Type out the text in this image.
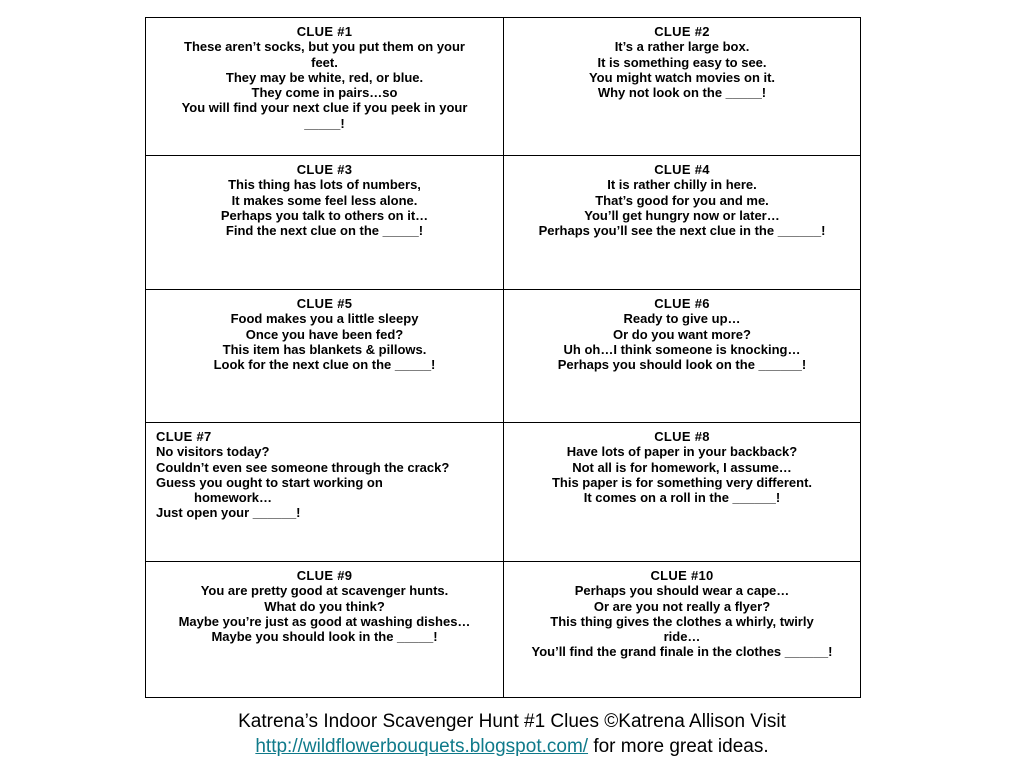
CLUE #1
These aren’t socks, but you put them on your
feet.
They may be white, red, or blue.
They come in pairs…so
You will find your next clue if you peek in your
_____!
CLUE #2
It’s a rather large box.
It is something easy to see.
You might watch movies on it.
Why not look on the _____!
CLUE #3
This thing has lots of numbers,
It makes some feel less alone.
Perhaps you talk to others on it…
Find the next clue on the _____!
CLUE #4
It is rather chilly in here.
That’s good for you and me.
You’ll get hungry now or later…
Perhaps you’ll see the next clue in the ______!
CLUE #5
Food makes you a little sleepy
Once you have been fed?
This item has blankets & pillows.
Look for the next clue on the _____!
CLUE #6
Ready to give up…
Or do you want more?
Uh oh…I think someone is knocking…
Perhaps you should look on the ______!
CLUE #7
No visitors today?
Couldn’t even see someone through the crack?
Guess you ought to start working on
homework…
Just open your ______!
CLUE #8
Have lots of paper in your backback?
Not all is for homework, I assume…
This paper is for something very different.
It comes on a roll in the ______!
CLUE #9
You are pretty good at scavenger hunts.
What do you think?
Maybe you’re just as good at washing dishes…
Maybe you should look in the _____!
CLUE #10
Perhaps you should wear a cape…
Or are you not really a flyer?
This thing gives the clothes a whirly, twirly
ride…
You’ll find the grand finale in the clothes ______!
Katrena’s Indoor Scavenger Hunt #1 Clues ©Katrena Allison Visit
http://wildflowerbouquets.blogspot.com/ for more great ideas.
